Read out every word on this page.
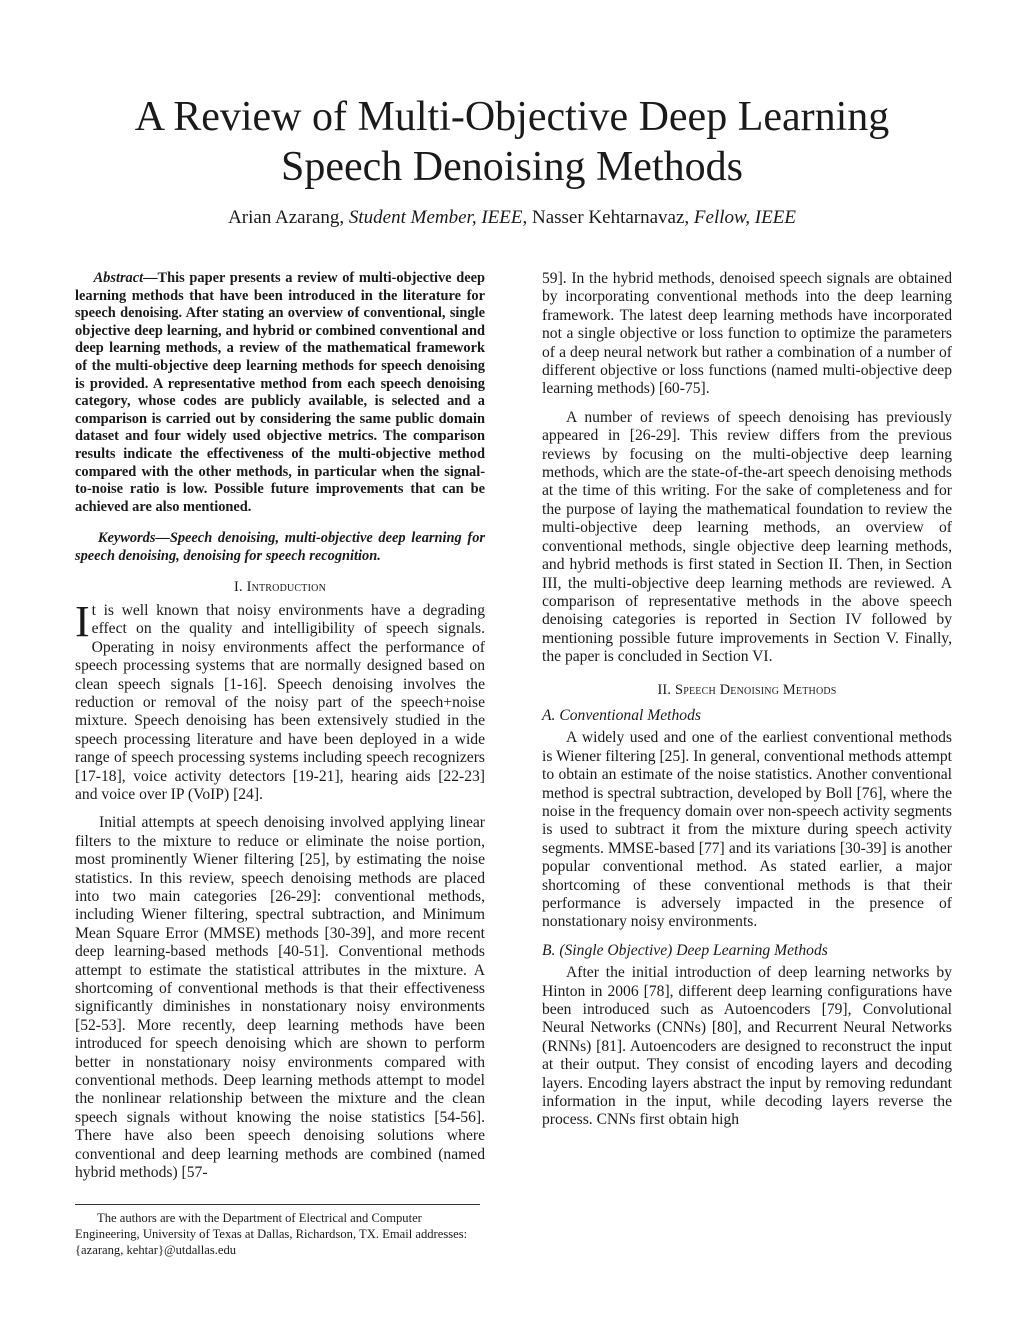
A Review of Multi-Objective Deep Learning
Speech Denoising Methods
Arian Azarang, Student Member, IEEE, Nasser Kehtarnavaz, Fellow, IEEE

Abstract—This paper presents a review of multi-objective deep learning methods that have been introduced in the literature for speech denoising. After stating an overview of conventional, single objective deep learning, and hybrid or combined conventional and deep learning methods, a review of the mathematical framework of the multi-objective deep learning methods for speech denoising is provided. A representative method from each speech denoising category, whose codes are publicly available, is selected and a comparison is carried out by considering the same public domain dataset and four widely used objective metrics. The comparison results indicate the effectiveness of the multi-objective method compared with the other methods, in particular when the signal-to-noise ratio is low. Possible future improvements that can be achieved are also mentioned.

Keywords—Speech denoising, multi-objective deep learning for speech denoising, denoising for speech recognition.

I. Introduction

It is well known that noisy environments have a degrading effect on the quality and intelligibility of speech signals. Operating in noisy environments affect the performance of speech processing systems that are normally designed based on clean speech signals [1-16]. Speech denoising involves the reduction or removal of the noisy part of the speech+noise mixture. Speech denoising has been extensively studied in the speech processing literature and have been deployed in a wide range of speech processing systems including speech recognizers [17-18], voice activity detectors [19-21], hearing aids [22-23] and voice over IP (VoIP) [24].

Initial attempts at speech denoising involved applying linear filters to the mixture to reduce or eliminate the noise portion, most prominently Wiener filtering [25], by estimating the noise statistics. In this review, speech denoising methods are placed into two main categories [26-29]: conventional methods, including Wiener filtering, spectral subtraction, and Minimum Mean Square Error (MMSE) methods [30-39], and more recent deep learning-based methods [40-51]. Conventional methods attempt to estimate the statistical attributes in the mixture. A shortcoming of conventional methods is that their effectiveness significantly diminishes in nonstationary noisy environments [52-53]. More recently, deep learning methods have been introduced for speech denoising which are shown to perform better in nonstationary noisy environments compared with conventional methods. Deep learning methods attempt to model the nonlinear relationship between the mixture and the clean speech signals without knowing the noise statistics [54-56]. There have also been speech denoising solutions where conventional and deep learning methods are combined (named hybrid methods) [57-

59]. In the hybrid methods, denoised speech signals are obtained by incorporating conventional methods into the deep learning framework. The latest deep learning methods have incorporated not a single objective or loss function to optimize the parameters of a deep neural network but rather a combination of a number of different objective or loss functions (named multi-objective deep learning methods) [60-75].

A number of reviews of speech denoising has previously appeared in [26-29]. This review differs from the previous reviews by focusing on the multi-objective deep learning methods, which are the state-of-the-art speech denoising methods at the time of this writing. For the sake of completeness and for the purpose of laying the mathematical foundation to review the multi-objective deep learning methods, an overview of conventional methods, single objective deep learning methods, and hybrid methods is first stated in Section II. Then, in Section III, the multi-objective deep learning methods are reviewed. A comparison of representative methods in the above speech denoising categories is reported in Section IV followed by mentioning possible future improvements in Section V. Finally, the paper is concluded in Section VI.

II. Speech Denoising Methods
A. Conventional Methods

A widely used and one of the earliest conventional methods is Wiener filtering [25]. In general, conventional methods attempt to obtain an estimate of the noise statistics. Another conventional method is spectral subtraction, developed by Boll [76], where the noise in the frequency domain over non-speech activity segments is used to subtract it from the mixture during speech activity segments. MMSE-based [77] and its variations [30-39] is another popular conventional method. As stated earlier, a major shortcoming of these conventional methods is that their performance is adversely impacted in the presence of nonstationary noisy environments.

B. (Single Objective) Deep Learning Methods

After the initial introduction of deep learning networks by Hinton in 2006 [78], different deep learning configurations have been introduced such as Autoencoders [79], Convolutional Neural Networks (CNNs) [80], and Recurrent Neural Networks (RNNs) [81]. Autoencoders are designed to reconstruct the input at their output. They consist of encoding layers and decoding layers. Encoding layers abstract the input by removing redundant information in the input, while decoding layers reverse the process. CNNs first obtain high

The authors are with the Department of Electrical and Computer Engineering, University of Texas at Dallas, Richardson, TX. Email addresses: {azarang, kehtar}@utdallas.edu
